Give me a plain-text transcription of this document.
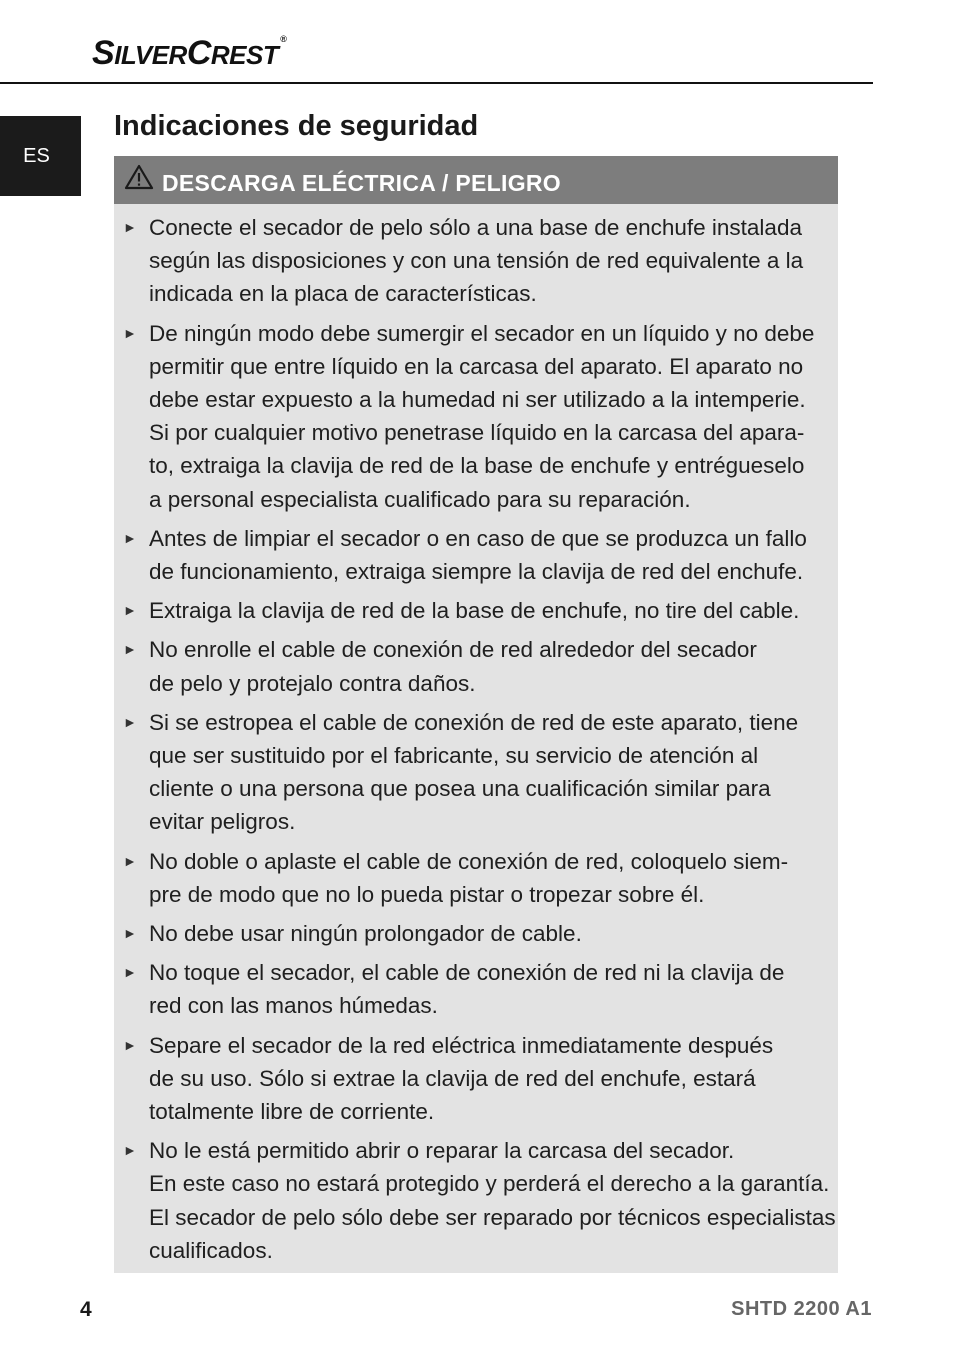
SILVERCREST®
ES
Indicaciones de seguridad
DESCARGA ELÉCTRICA / PELIGRO
► Conecte el secador de pelo sólo a una base de enchufe instalada
según las disposiciones y con una tensión de red equivalente a la
indicada en la placa de características.
► De ningún modo debe sumergir el secador en un líquido y no debe
permitir que entre líquido en la carcasa del aparato. El aparato no
debe estar expuesto a la humedad ni ser utilizado a la intemperie.
Si por cualquier motivo penetrase líquido en la carcasa del apara-
to, extraiga la clavija de red de la base de enchufe y entrégueselo
a personal especialista cualificado para su reparación.
► Antes de limpiar el secador o en caso de que se produzca un fallo
de funcionamiento, extraiga siempre la clavija de red del enchufe.
► Extraiga la clavija de red de la base de enchufe, no tire del cable.
► No enrolle el cable de conexión de red alrededor del secador
de pelo y protejalo contra daños.
► Si se estropea el cable de conexión de red de este aparato, tiene
que ser sustituido por el fabricante, su servicio de atención al
cliente o una persona que posea una cualificación similar para
evitar peligros.
► No doble o aplaste el cable de conexión de red, coloquelo siem-
pre de modo que no lo pueda pistar o tropezar sobre él.
► No debe usar ningún prolongador de cable.
► No toque el secador, el cable de conexión de red ni la clavija de
red con las manos húmedas.
► Separe el secador de la red eléctrica inmediatamente después
de su uso. Sólo si extrae la clavija de red del enchufe, estará
totalmente libre de corriente.
► No le está permitido abrir o reparar la carcasa del secador.
En este caso no estará protegido y perderá el derecho a la garantía.
El secador de pelo sólo debe ser reparado por técnicos especialistas
cualificados.
4	SHTD 2200 A1
